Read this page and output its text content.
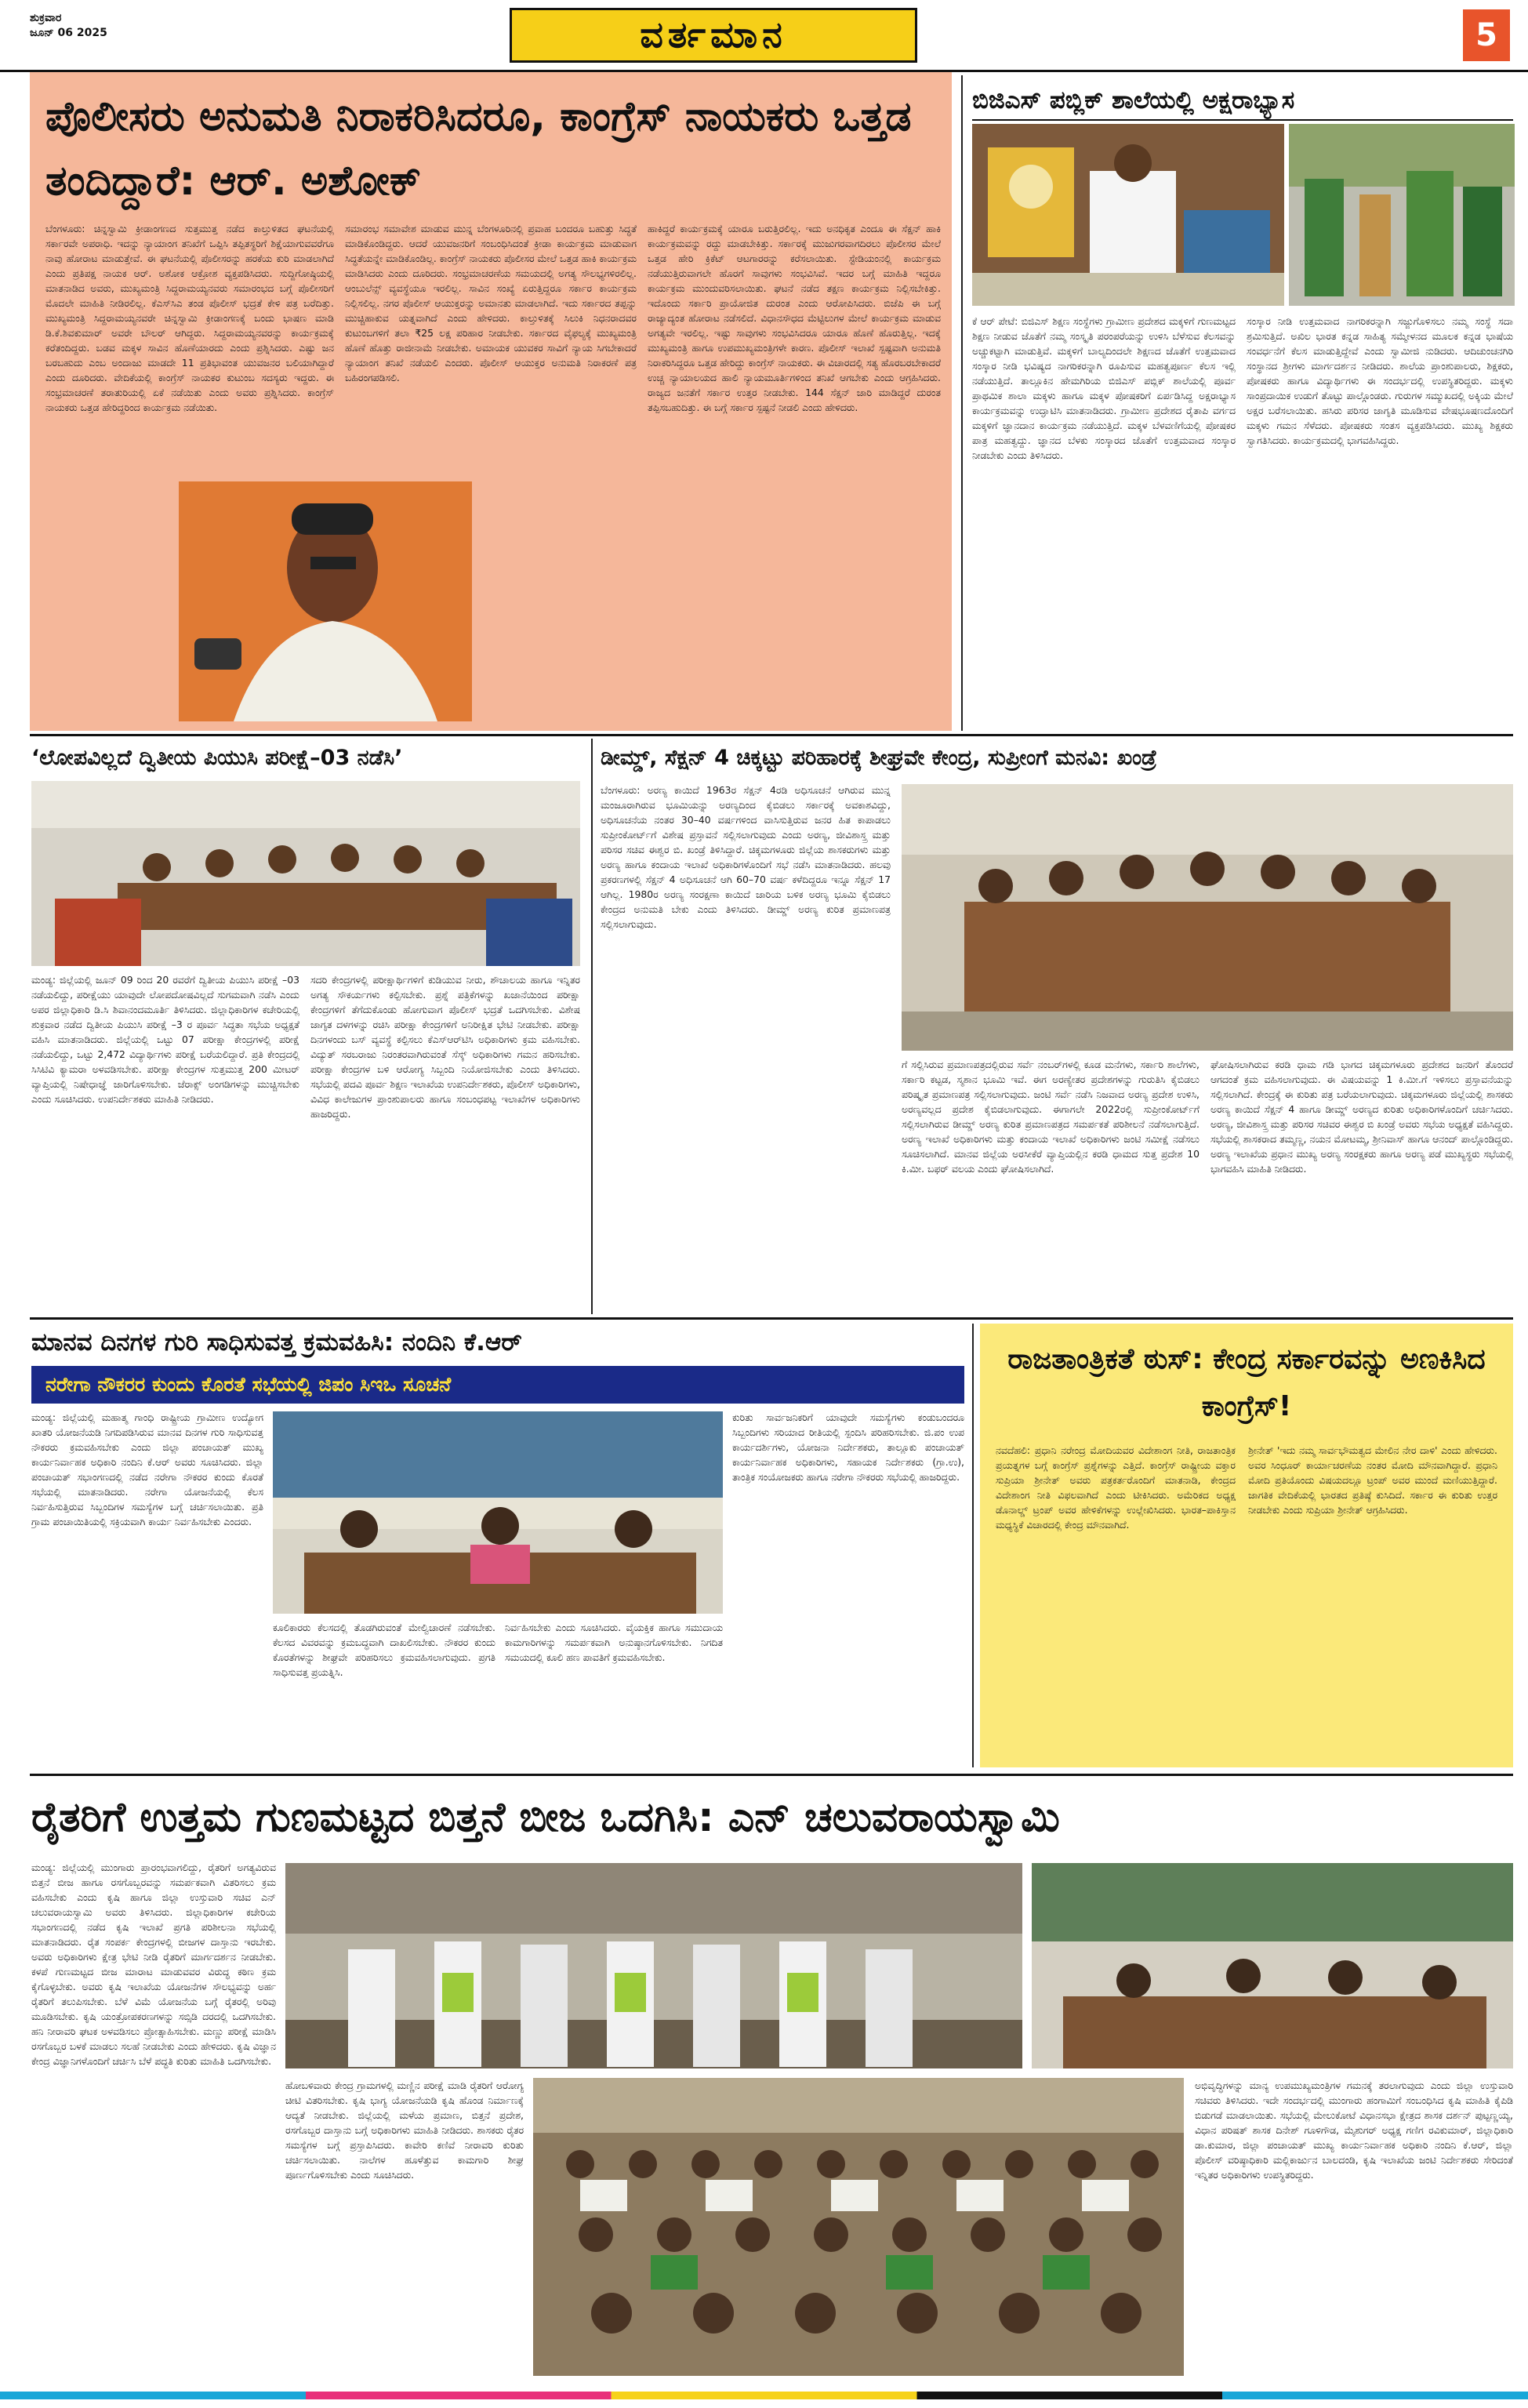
ಶುಕ್ರವಾರ
ಜೂನ್ 06 2025	ವರ್ತಮಾನ	5
ಪೊಲೀಸರು ಅನುಮತಿ ನಿರಾಕರಿಸಿದರೂ, ಕಾಂಗ್ರೆಸ್ ನಾಯಕರು ಒತ್ತಡ ತಂದಿದ್ದಾರೆ: ಆರ್. ಅಶೋಕ್
ಬೆಂಗಳೂರು: ಚಿನ್ನಸ್ವಾಮಿ ಕ್ರೀಡಾಂಗಣದ ಸುತ್ತಮುತ್ತ ನಡೆದ ಕಾಲ್ತುಳಿತದ ಘಟನೆಯಲ್ಲಿ ಸರ್ಕಾರವೇ ಅಪರಾಧಿ. ಇದನ್ನು ನ್ಯಾಯಾಂಗ ತನಿಖೆಗೆ ಒಪ್ಪಿಸಿ ತಪ್ಪಿತಸ್ಥರಿಗೆ ಶಿಕ್ಷೆಯಾಗುವವರೆಗೂ ನಾವು ಹೋರಾಟ ಮಾಡುತ್ತೇವೆ. ಈ ಘಟನೆಯಲ್ಲಿ ಪೊಲೀಸರನ್ನು ಹರಕೆಯ ಕುರಿ ಮಾಡಲಾಗಿದೆ ಎಂದು ಪ್ರತಿಪಕ್ಷ ನಾಯಕ ಆರ್. ಅಶೋಕ ಆಕ್ರೋಶ ವ್ಯಕ್ತಪಡಿಸಿದರು. ಸುದ್ದಿಗೋಷ್ಠಿಯಲ್ಲಿ ಮಾತನಾಡಿದ ಅವರು, ಮುಖ್ಯಮಂತ್ರಿ ಸಿದ್ದರಾಮಯ್ಯನವರು ಸಮಾರಂಭದ ಬಗ್ಗೆ ಪೊಲೀಸರಿಗೆ ಮೊದಲೇ ಮಾಹಿತಿ ನೀಡಿರಲಿಲ್ಲ. ಕೆಎಸ್‌ಸಿಎ ತಂಡ ಪೊಲೀಸ್ ಭದ್ರತೆ ಕೇಳಿ ಪತ್ರ ಬರೆದಿತ್ತು. ಮುಖ್ಯಮಂತ್ರಿ ಸಿದ್ದರಾಮಯ್ಯನವರೇ ಚಿನ್ನಸ್ವಾಮಿ ಕ್ರೀಡಾಂಗಣಕ್ಕೆ ಬಂದು ಭಾಷಣ ಮಾಡಿ ಡಿ.ಕೆ.ಶಿವಕುಮಾರ್ ಅವರೇ ಬೌಲರ್ ಆಗಿದ್ದರು. ಸಿದ್ದರಾಮಯ್ಯನವರನ್ನು ಕಾರ್ಯಕ್ರಮಕ್ಕೆ ಕರೆತಂದಿದ್ದರು. ಬಡವ ಮಕ್ಕಳ ಸಾವಿನ ಹೊಣೆಯಾರದು ಎಂದು ಪ್ರಶ್ನಿಸಿದರು. ಎಷ್ಟು ಜನ ಬರಬಹುದು ಎಂಬ ಅಂದಾಜು ಮಾಡದೇ 11 ಪ್ರತಿಭಾವಂತ ಯುವಜನರ ಬಲಿಯಾಗಿದ್ದಾರೆ ಎಂದು ದೂರಿದರು. ವೇದಿಕೆಯಲ್ಲಿ ಕಾಂಗ್ರೆಸ್ ನಾಯಕರ ಕುಟುಂಬ ಸದಸ್ಯರು ಇದ್ದರು. ಈ ಸಂಭ್ರಮಾಚರಣೆ ತರಾತುರಿಯಲ್ಲಿ ಏಕೆ ನಡೆಯಿತು ಎಂದು ಅವರು ಪ್ರಶ್ನಿಸಿದರು. ಕಾಂಗ್ರೆಸ್ ನಾಯಕರು ಒತ್ತಡ ಹೇರಿದ್ದರಿಂದ ಕಾರ್ಯಕ್ರಮ ನಡೆಯಿತು.
ಸಮಾರಂಭ ಸಮಾವೇಶ ಮಾಡುವ ಮುನ್ನ ಬೆಂಗಳೂರಿನಲ್ಲಿ ಪ್ರವಾಹ ಬಂದರೂ ಬಹುತ್ತು ಸಿದ್ಧತೆ ಮಾಡಿಕೊಂಡಿದ್ದರು. ಆದರೆ ಯುವಜನರಿಗೆ ಸಂಬಂಧಿಸಿದಂತೆ ಕ್ರೀಡಾ ಕಾರ್ಯಕ್ರಮ ಮಾಡುವಾಗ ಸಿದ್ಧತೆಯನ್ನೇ ಮಾಡಿಕೊಂಡಿಲ್ಲ. ಕಾಂಗ್ರೆಸ್ ನಾಯಕರು ಪೊಲೀಸರ ಮೇಲೆ ಒತ್ತಡ ಹಾಕಿ ಕಾರ್ಯಕ್ರಮ ಮಾಡಿಸಿದರು ಎಂದು ದೂರಿದರು. ಸಂಭ್ರಮಾಚರಣೆಯ ಸಮಯದಲ್ಲಿ ಅಗತ್ಯ ಸೌಲಭ್ಯಗಳಿರಲಿಲ್ಲ. ಆಂಬುಲೆನ್ಸ್ ವ್ಯವಸ್ಥೆಯೂ ಇರಲಿಲ್ಲ. ಸಾವಿನ ಸಂಖ್ಯೆ ಏರುತ್ತಿದ್ದರೂ ಸರ್ಕಾರ ಕಾರ್ಯಕ್ರಮ ನಿಲ್ಲಿಸಲಿಲ್ಲ. ನಗರ ಪೊಲೀಸ್ ಆಯುಕ್ತರನ್ನು ಅಮಾನತು ಮಾಡಲಾಗಿದೆ. ಇದು ಸರ್ಕಾರದ ತಪ್ಪನ್ನು ಮುಚ್ಚಿಹಾಕುವ ಯತ್ನವಾಗಿದೆ ಎಂದು ಹೇಳಿದರು. ಕಾಲ್ತುಳಿತಕ್ಕೆ ಸಿಲುಕಿ ನಿಧನರಾದವರ ಕುಟುಂಬಗಳಿಗೆ ತಲಾ ₹25 ಲಕ್ಷ ಪರಿಹಾರ ನೀಡಬೇಕು. ಸರ್ಕಾರದ ವೈಫಲ್ಯಕ್ಕೆ ಮುಖ್ಯಮಂತ್ರಿ ಹೊಣೆ ಹೊತ್ತು ರಾಜೀನಾಮೆ ನೀಡಬೇಕು. ಅಮಾಯಕ ಯುವಕರ ಸಾವಿಗೆ ನ್ಯಾಯ ಸಿಗಬೇಕಾದರೆ ನ್ಯಾಯಾಂಗ ತನಿಖೆ ನಡೆಯಲಿ ಎಂದರು. ಪೊಲೀಸ್ ಆಯುಕ್ತರ ಅನುಮತಿ ನಿರಾಕರಣೆ ಪತ್ರ ಬಹಿರಂಗಪಡಿಸಲಿ.
ಹಾಕಿದ್ದರೆ ಕಾರ್ಯಕ್ರಮಕ್ಕೆ ಯಾರೂ ಬರುತ್ತಿರಲಿಲ್ಲ. ಇದು ಅನಧಿಕೃತ ಎಂದೂ ಈ ಸೆಕ್ಷನ್ ಹಾಕಿ ಕಾರ್ಯಕ್ರಮವನ್ನು ರದ್ದು ಮಾಡಬೇಕಿತ್ತು. ಸರ್ಕಾರಕ್ಕೆ ಮುಜುಗರವಾಗದಿರಲು ಪೊಲೀಸರ ಮೇಲೆ ಒತ್ತಡ ಹೇರಿ ಕ್ರಿಕೆಟ್ ಆಟಗಾರರನ್ನು ಕರೆಸಲಾಯಿತು. ಸ್ಟೇಡಿಯಂನಲ್ಲಿ ಕಾರ್ಯಕ್ರಮ ನಡೆಯುತ್ತಿರುವಾಗಲೇ ಹೊರಗೆ ಸಾವುಗಳು ಸಂಭವಿಸಿವೆ. ಇದರ ಬಗ್ಗೆ ಮಾಹಿತಿ ಇದ್ದರೂ ಕಾರ್ಯಕ್ರಮ ಮುಂದುವರಿಸಲಾಯಿತು. ಘಟನೆ ನಡೆದ ತಕ್ಷಣ ಕಾರ್ಯಕ್ರಮ ನಿಲ್ಲಿಸಬೇಕಿತ್ತು. ಇದೊಂದು ಸರ್ಕಾರಿ ಪ್ರಾಯೋಜಿತ ದುರಂತ ಎಂದು ಆರೋಪಿಸಿದರು. ಬಿಜೆಪಿ ಈ ಬಗ್ಗೆ ರಾಜ್ಯಾದ್ಯಂತ ಹೋರಾಟ ನಡೆಸಲಿದೆ. ವಿಧಾನಸೌಧದ ಮೆಟ್ಟಿಲುಗಳ ಮೇಲೆ ಕಾರ್ಯಕ್ರಮ ಮಾಡುವ ಅಗತ್ಯವೇ ಇರಲಿಲ್ಲ. ಇಷ್ಟು ಸಾವುಗಳು ಸಂಭವಿಸಿದರೂ ಯಾರೂ ಹೊಣೆ ಹೊರುತ್ತಿಲ್ಲ. ಇದಕ್ಕೆ ಮುಖ್ಯಮಂತ್ರಿ ಹಾಗೂ ಉಪಮುಖ್ಯಮಂತ್ರಿಗಳೇ ಕಾರಣ. ಪೊಲೀಸ್ ಇಲಾಖೆ ಸ್ಪಷ್ಟವಾಗಿ ಅನುಮತಿ ನಿರಾಕರಿಸಿದ್ದರೂ ಒತ್ತಡ ಹೇರಿದ್ದು ಕಾಂಗ್ರೆಸ್ ನಾಯಕರು. ಈ ವಿಚಾರದಲ್ಲಿ ಸತ್ಯ ಹೊರಬರಬೇಕಾದರೆ ಉಚ್ಚ ನ್ಯಾಯಾಲಯದ ಹಾಲಿ ನ್ಯಾಯಮೂರ್ತಿಗಳಿಂದ ತನಿಖೆ ಆಗಬೇಕು ಎಂದು ಆಗ್ರಹಿಸಿದರು. ರಾಜ್ಯದ ಜನತೆಗೆ ಸರ್ಕಾರ ಉತ್ತರ ನೀಡಬೇಕು. 144 ಸೆಕ್ಷನ್ ಜಾರಿ ಮಾಡಿದ್ದರೆ ದುರಂತ ತಪ್ಪಿಸಬಹುದಿತ್ತು. ಈ ಬಗ್ಗೆ ಸರ್ಕಾರ ಸ್ಪಷ್ಟನೆ ನೀಡಲಿ ಎಂದು ಹೇಳಿದರು.
ಬಿಜಿಎಸ್ ಪಬ್ಲಿಕ್ ಶಾಲೆಯಲ್ಲಿ ಅಕ್ಷರಾಭ್ಯಾಸ
ಕೆ ಆರ್ ಪೇಟೆ: ಬಿಜಿಎಸ್ ಶಿಕ್ಷಣ ಸಂಸ್ಥೆಗಳು ಗ್ರಾಮೀಣ ಪ್ರದೇಶದ ಮಕ್ಕಳಿಗೆ ಗುಣಮಟ್ಟದ ಶಿಕ್ಷಣ ನೀಡುವ ಜೊತೆಗೆ ನಮ್ಮ ಸಂಸ್ಕೃತಿ ಪರಂಪರೆಯನ್ನು ಉಳಿಸಿ ಬೆಳೆಸುವ ಕೆಲಸವನ್ನು ಅಚ್ಚುಕಟ್ಟಾಗಿ ಮಾಡುತ್ತಿವೆ. ಮಕ್ಕಳಿಗೆ ಬಾಲ್ಯದಿಂದಲೇ ಶಿಕ್ಷಣದ ಜೊತೆಗೆ ಉತ್ತಮವಾದ ಸಂಸ್ಕಾರ ನೀಡಿ ಭವಿಷ್ಯದ ನಾಗರಿಕರನ್ನಾಗಿ ರೂಪಿಸುವ ಮಹತ್ವಪೂರ್ಣ ಕೆಲಸ ಇಲ್ಲಿ ನಡೆಯುತ್ತಿದೆ. ತಾಲ್ಲೂಕಿನ ಹೇಮಗಿರಿಯ ಬಿಜಿಎಸ್ ಪಬ್ಲಿಕ್ ಶಾಲೆಯಲ್ಲಿ ಪೂರ್ವ ಪ್ರಾಥಮಿಕ ಶಾಲಾ ಮಕ್ಕಳು ಹಾಗೂ ಮಕ್ಕಳ ಪೋಷಕರಿಗೆ ಏರ್ಪಡಿಸಿದ್ದ ಅಕ್ಷರಾಭ್ಯಾಸ ಕಾರ್ಯಕ್ರಮವನ್ನು ಉದ್ಘಾಟಿಸಿ ಮಾತನಾಡಿದರು. ಗ್ರಾಮೀಣ ಪ್ರದೇಶದ ರೈತಾಪಿ ವರ್ಗದ ಮಕ್ಕಳಿಗೆ ಜ್ಞಾನದಾನ ಕಾರ್ಯಕ್ರಮ ನಡೆಯುತ್ತಿದೆ. ಮಕ್ಕಳ ಬೆಳವಣಿಗೆಯಲ್ಲಿ ಪೋಷಕರ ಪಾತ್ರ ಮಹತ್ವದ್ದು. ಜ್ಞಾನದ ಬೆಳಕು ಸಂಸ್ಕಾರದ ಜೊತೆಗೆ ಉತ್ತಮವಾದ ಸಂಸ್ಕಾರ ನೀಡಬೇಕು ಎಂದು ತಿಳಿಸಿದರು.
ಸಂಸ್ಕಾರ ನೀಡಿ ಉತ್ತಮವಾದ ನಾಗರಿಕರನ್ನಾಗಿ ಸಜ್ಜುಗೊಳಿಸಲು ನಮ್ಮ ಸಂಸ್ಥೆ ಸದಾ ಶ್ರಮಿಸುತ್ತಿದೆ. ಅಖಿಲ ಭಾರತ ಕನ್ನಡ ಸಾಹಿತ್ಯ ಸಮ್ಮೇಳನದ ಮೂಲಕ ಕನ್ನಡ ಭಾಷೆಯ ಸಂವರ್ಧನೆಗೆ ಕೆಲಸ ಮಾಡುತ್ತಿದ್ದೇವೆ ಎಂದು ಸ್ವಾಮೀಜಿ ನುಡಿದರು. ಆದಿಚುಂಚನಗಿರಿ ಸಂಸ್ಥಾನದ ಶ್ರೀಗಳು ಮಾರ್ಗದರ್ಶನ ನೀಡಿದರು. ಶಾಲೆಯ ಪ್ರಾಂಶುಪಾಲರು, ಶಿಕ್ಷಕರು, ಪೋಷಕರು ಹಾಗೂ ವಿದ್ಯಾರ್ಥಿಗಳು ಈ ಸಂದರ್ಭದಲ್ಲಿ ಉಪಸ್ಥಿತರಿದ್ದರು. ಮಕ್ಕಳು ಸಾಂಪ್ರದಾಯಿಕ ಉಡುಗೆ ತೊಟ್ಟು ಪಾಲ್ಗೊಂಡರು. ಗುರುಗಳ ಸಮ್ಮುಖದಲ್ಲಿ ಅಕ್ಕಿಯ ಮೇಲೆ ಅಕ್ಷರ ಬರೆಸಲಾಯಿತು. ಹಸಿರು ಪರಿಸರ ಜಾಗೃತಿ ಮೂಡಿಸುವ ವೇಷಭೂಷಣದೊಂದಿಗೆ ಮಕ್ಕಳು ಗಮನ ಸೆಳೆದರು. ಪೋಷಕರು ಸಂತಸ ವ್ಯಕ್ತಪಡಿಸಿದರು. ಮುಖ್ಯ ಶಿಕ್ಷಕರು ಸ್ವಾಗತಿಸಿದರು. ಕಾರ್ಯಕ್ರಮದಲ್ಲಿ ಭಾಗವಹಿಸಿದ್ದರು.
‘ಲೋಪವಿಲ್ಲದೆ ದ್ವಿತೀಯ ಪಿಯುಸಿ ಪರೀಕ್ಷೆ–03 ನಡೆಸಿ’
ಮಂಡ್ಯ: ಜಿಲ್ಲೆಯಲ್ಲಿ ಜೂನ್ 09 ರಿಂದ 20 ರವರೆಗೆ ದ್ವಿತೀಯ ಪಿಯುಸಿ ಪರೀಕ್ಷೆ –03 ನಡೆಯಲಿದ್ದು, ಪರೀಕ್ಷೆಯು ಯಾವುದೇ ಲೋಪದೋಷವಿಲ್ಲದೆ ಸುಗಮವಾಗಿ ನಡೆಸಿ ಎಂದು ಅಪರ ಜಿಲ್ಲಾಧಿಕಾರಿ ಡಿ.ಸಿ ಶಿವಾನಂದಮೂರ್ತಿ ತಿಳಿಸಿದರು. ಜಿಲ್ಲಾಧಿಕಾರಿಗಳ ಕಚೇರಿಯಲ್ಲಿ ಶುಕ್ರವಾರ ನಡೆದ ದ್ವಿತೀಯ ಪಿಯುಸಿ ಪರೀಕ್ಷೆ –3 ರ ಪೂರ್ವ ಸಿದ್ಧತಾ ಸಭೆಯ ಅಧ್ಯಕ್ಷತೆ ವಹಿಸಿ ಮಾತನಾಡಿದರು. ಜಿಲ್ಲೆಯಲ್ಲಿ ಒಟ್ಟು 07 ಪರೀಕ್ಷಾ ಕೇಂದ್ರಗಳಲ್ಲಿ ಪರೀಕ್ಷೆ ನಡೆಯಲಿದ್ದು, ಒಟ್ಟು 2,472 ವಿದ್ಯಾರ್ಥಿಗಳು ಪರೀಕ್ಷೆ ಬರೆಯಲಿದ್ದಾರೆ. ಪ್ರತಿ ಕೇಂದ್ರದಲ್ಲಿ ಸಿಸಿಟಿವಿ ಕ್ಯಾಮರಾ ಅಳವಡಿಸಬೇಕು. ಪರೀಕ್ಷಾ ಕೇಂದ್ರಗಳ ಸುತ್ತಮುತ್ತ 200 ಮೀಟರ್ ವ್ಯಾಪ್ತಿಯಲ್ಲಿ ನಿಷೇಧಾಜ್ಞೆ ಜಾರಿಗೊಳಿಸಬೇಕು. ಜೆರಾಕ್ಸ್ ಅಂಗಡಿಗಳನ್ನು ಮುಚ್ಚಿಸಬೇಕು ಎಂದು ಸೂಚಿಸಿದರು. ಉಪನಿರ್ದೇಶಕರು ಮಾಹಿತಿ ನೀಡಿದರು.
ಸದರಿ ಕೇಂದ್ರಗಳಲ್ಲಿ ಪರೀಕ್ಷಾರ್ಥಿಗಳಿಗೆ ಕುಡಿಯುವ ನೀರು, ಶೌಚಾಲಯ ಹಾಗೂ ಇನ್ನಿತರ ಅಗತ್ಯ ಸೌಕರ್ಯಗಳು ಕಲ್ಪಿಸಬೇಕು. ಪ್ರಶ್ನೆ ಪತ್ರಿಕೆಗಳನ್ನು ಖಜಾನೆಯಿಂದ ಪರೀಕ್ಷಾ ಕೇಂದ್ರಗಳಿಗೆ ತೆಗೆದುಕೊಂಡು ಹೋಗುವಾಗ ಪೊಲೀಸ್ ಭದ್ರತೆ ಒದಗಿಸಬೇಕು. ವಿಶೇಷ ಜಾಗೃತ ದಳಗಳನ್ನು ರಚಿಸಿ ಪರೀಕ್ಷಾ ಕೇಂದ್ರಗಳಿಗೆ ಅನಿರೀಕ್ಷಿತ ಭೇಟಿ ನೀಡಬೇಕು. ಪರೀಕ್ಷಾ ದಿನಗಳಂದು ಬಸ್ ವ್ಯವಸ್ಥೆ ಕಲ್ಪಿಸಲು ಕೆಎಸ್ಆರ್‌ಟಿಸಿ ಅಧಿಕಾರಿಗಳು ಕ್ರಮ ವಹಿಸಬೇಕು. ವಿದ್ಯುತ್ ಸರಬರಾಜು ನಿರಂತರವಾಗಿರುವಂತೆ ಸೆಸ್ಕ್ ಅಧಿಕಾರಿಗಳು ಗಮನ ಹರಿಸಬೇಕು. ಪರೀಕ್ಷಾ ಕೇಂದ್ರಗಳ ಬಳಿ ಆರೋಗ್ಯ ಸಿಬ್ಬಂದಿ ನಿಯೋಜಿಸಬೇಕು ಎಂದು ತಿಳಿಸಿದರು. ಸಭೆಯಲ್ಲಿ ಪದವಿ ಪೂರ್ವ ಶಿಕ್ಷಣ ಇಲಾಖೆಯ ಉಪನಿರ್ದೇಶಕರು, ಪೊಲೀಸ್ ಅಧಿಕಾರಿಗಳು, ವಿವಿಧ ಕಾಲೇಜುಗಳ ಪ್ರಾಂಶುಪಾಲರು ಹಾಗೂ ಸಂಬಂಧಪಟ್ಟ ಇಲಾಖೆಗಳ ಅಧಿಕಾರಿಗಳು ಹಾಜರಿದ್ದರು.
ಡೀಮ್ಡ್, ಸೆಕ್ಷನ್ 4 ಚಿಕ್ಕಟ್ಟು ಪರಿಹಾರಕ್ಕೆ ಶೀಘ್ರವೇ ಕೇಂದ್ರ, ಸುಪ್ರೀಂಗೆ ಮನವಿ: ಖಂಡ್ರೆ
ಬೆಂಗಳೂರು: ಅರಣ್ಯ ಕಾಯಿದೆ 1963ರ ಸೆಕ್ಷನ್ 4ರಡಿ ಅಧಿಸೂಚನೆ ಆಗಿರುವ ಮುನ್ನ ಮಂಜೂರಾಗಿರುವ ಭೂಮಿಯನ್ನು ಅರಣ್ಯದಿಂದ ಕೈಬಿಡಲು ಸರ್ಕಾರಕ್ಕೆ ಅವಕಾಶವಿದ್ದು, ಅಧಿಸೂಚನೆಯ ನಂತರ 30–40 ವರ್ಷಗಳಿಂದ ವಾಸಿಸುತ್ತಿರುವ ಜನರ ಹಿತ ಕಾಪಾಡಲು ಸುಪ್ರೀಂಕೋರ್ಟ್‌ಗೆ ವಿಶೇಷ ಪ್ರಸ್ತಾವನೆ ಸಲ್ಲಿಸಲಾಗುವುದು ಎಂದು ಅರಣ್ಯ, ಜೀವಿಶಾಸ್ತ್ರ ಮತ್ತು ಪರಿಸರ ಸಚಿವ ಈಶ್ವರ ಬಿ. ಖಂಡ್ರೆ ತಿಳಿಸಿದ್ದಾರೆ. ಚಿಕ್ಕಮಗಳೂರು ಜಿಲ್ಲೆಯ ಶಾಸಕರುಗಳು ಮತ್ತು ಅರಣ್ಯ ಹಾಗೂ ಕಂದಾಯ ಇಲಾಖೆ ಅಧಿಕಾರಿಗಳೊಂದಿಗೆ ಸಭೆ ನಡೆಸಿ ಮಾತನಾಡಿದರು. ಹಲವು ಪ್ರಕರಣಗಳಲ್ಲಿ ಸೆಕ್ಷನ್ 4 ಅಧಿಸೂಚನೆ ಆಗಿ 60–70 ವರ್ಷ ಕಳೆದಿದ್ದರೂ ಇನ್ನೂ ಸೆಕ್ಷನ್ 17 ಆಗಿಲ್ಲ. 1980ರ ಅರಣ್ಯ ಸಂರಕ್ಷಣಾ ಕಾಯಿದೆ ಜಾರಿಯ ಬಳಿಕ ಅರಣ್ಯ ಭೂಮಿ ಕೈಬಿಡಲು ಕೇಂದ್ರದ ಅನುಮತಿ ಬೇಕು ಎಂದು ತಿಳಿಸಿದರು. ಡೀಮ್ಡ್ ಅರಣ್ಯ ಕುರಿತ ಪ್ರಮಾಣಪತ್ರ ಸಲ್ಲಿಸಲಾಗುವುದು.
ಗೆ ಸಲ್ಲಿಸಿರುವ ಪ್ರಮಾಣಪತ್ರದಲ್ಲಿರುವ ಸರ್ವೆ ನಂಬರ್‌ಗಳಲ್ಲಿ ಕೂಡ ಮನೆಗಳು, ಸರ್ಕಾರಿ ಶಾಲೆಗಳು, ಸರ್ಕಾರಿ ಕಟ್ಟಡ, ಸ್ಮಶಾನ ಭೂಮಿ ಇವೆ. ಈಗ ಅರಣ್ಯೇತರ ಪ್ರದೇಶಗಳನ್ನು ಗುರುತಿಸಿ ಕೈಬಿಡಲು ಪರಿಷ್ಕೃತ ಪ್ರಮಾಣಪತ್ರ ಸಲ್ಲಿಸಲಾಗುವುದು. ಜಂಟಿ ಸರ್ವೆ ನಡೆಸಿ ನಿಜವಾದ ಅರಣ್ಯ ಪ್ರದೇಶ ಉಳಿಸಿ, ಅರಣ್ಯವಲ್ಲದ ಪ್ರದೇಶ ಕೈಬಿಡಲಾಗುವುದು. ಈಗಾಗಲೇ 2022ರಲ್ಲಿ ಸುಪ್ರೀಂಕೋರ್ಟ್‌ಗೆ ಸಲ್ಲಿಸಲಾಗಿರುವ ಡೀಮ್ಡ್ ಅರಣ್ಯ ಕುರಿತ ಪ್ರಮಾಣಪತ್ರದ ಸಮರ್ಪಕತೆ ಪರಿಶೀಲನೆ ನಡೆಸಲಾಗುತ್ತಿದೆ. ಅರಣ್ಯ ಇಲಾಖೆ ಅಧಿಕಾರಿಗಳು ಮತ್ತು ಕಂದಾಯ ಇಲಾಖೆ ಅಧಿಕಾರಿಗಳು ಜಂಟಿ ಸಮೀಕ್ಷೆ ನಡೆಸಲು ಸೂಚಿಸಲಾಗಿದೆ. ಮಾನವ ಜಿಲ್ಲೆಯ ಅರಸೀಕೆರೆ ವ್ಯಾಪ್ತಿಯಲ್ಲಿನ ಕರಡಿ ಧಾಮದ ಸುತ್ತ ಪ್ರದೇಶ 10 ಕಿ.ಮೀ. ಬಫರ್ ವಲಯ ಎಂದು ಘೋಷಿಸಲಾಗಿದೆ.
ಘೋಷಿಸಲಾಗಿರುವ ಕರಡಿ ಧಾಮ ಗಡಿ ಭಾಗದ ಚಿಕ್ಕಮಗಳೂರು ಪ್ರದೇಶದ ಜನರಿಗೆ ತೊಂದರೆ ಆಗದಂತೆ ಕ್ರಮ ವಹಿಸಲಾಗುವುದು. ಈ ವಿಷಯವನ್ನು 1 ಕಿ.ಮೀ.ಗೆ ಇಳಿಸಲು ಪ್ರಸ್ತಾವನೆಯನ್ನು ಸಲ್ಲಿಸಲಾಗಿದೆ. ಕೇಂದ್ರಕ್ಕೆ ಈ ಕುರಿತು ಪತ್ರ ಬರೆಯಲಾಗುವುದು. ಚಿಕ್ಕಮಗಳೂರು ಜಿಲ್ಲೆಯಲ್ಲಿ ಶಾಸಕರು ಅರಣ್ಯ ಕಾಯಿದೆ ಸೆಕ್ಷನ್ 4 ಹಾಗೂ ಡೀಮ್ಡ್ ಅರಣ್ಯದ ಕುರಿತು ಅಧಿಕಾರಿಗಳೊಂದಿಗೆ ಚರ್ಚಿಸಿದರು. ಅರಣ್ಯ, ಜೀವಿಶಾಸ್ತ್ರ ಮತ್ತು ಪರಿಸರ ಸಚಿವರ ಈಶ್ವರ ಬಿ ಖಂಡ್ರೆ ಅವರು ಸಭೆಯ ಅಧ್ಯಕ್ಷತೆ ವಹಿಸಿದ್ದರು. ಸಭೆಯಲ್ಲಿ ಶಾಸಕರಾದ ತಮ್ಮಣ್ಣ, ನಯನ ಮೋಟಮ್ಮ, ಶ್ರೀನಿವಾಸ್ ಹಾಗೂ ಆನಂದ್ ಪಾಲ್ಗೊಂಡಿದ್ದರು. ಅರಣ್ಯ ಇಲಾಖೆಯ ಪ್ರಧಾನ ಮುಖ್ಯ ಅರಣ್ಯ ಸಂರಕ್ಷಕರು ಹಾಗೂ ಅರಣ್ಯ ಪಡೆ ಮುಖ್ಯಸ್ಥರು ಸಭೆಯಲ್ಲಿ ಭಾಗವಹಿಸಿ ಮಾಹಿತಿ ನೀಡಿದರು.
ಮಾನವ ದಿನಗಳ ಗುರಿ ಸಾಧಿಸುವತ್ತ ಕ್ರಮವಹಿಸಿ: ನಂದಿನಿ ಕೆ.ಆರ್
ನರೇಗಾ ನೌಕರರ ಕುಂದು ಕೊರತೆ ಸಭೆಯಲ್ಲಿ ಜಿಪಂ ಸಿಇಒ ಸೂಚನೆ
ಮಂಡ್ಯ: ಜಿಲ್ಲೆಯಲ್ಲಿ ಮಹಾತ್ಮ ಗಾಂಧಿ ರಾಷ್ಟ್ರೀಯ ಗ್ರಾಮೀಣ ಉದ್ಯೋಗ ಖಾತರಿ ಯೋಜನೆಯಡಿ ನಿಗದಿಪಡಿಸಿರುವ ಮಾನವ ದಿನಗಳ ಗುರಿ ಸಾಧಿಸುವತ್ತ ನೌಕರರು ಕ್ರಮವಹಿಸಬೇಕು ಎಂದು ಜಿಲ್ಲಾ ಪಂಚಾಯತ್ ಮುಖ್ಯ ಕಾರ್ಯನಿರ್ವಾಹಕ ಅಧಿಕಾರಿ ನಂದಿನಿ ಕೆ.ಆರ್ ಅವರು ಸೂಚಿಸಿದರು. ಜಿಲ್ಲಾ ಪಂಚಾಯತ್ ಸಭಾಂಗಣದಲ್ಲಿ ನಡೆದ ನರೇಗಾ ನೌಕರರ ಕುಂದು ಕೊರತೆ ಸಭೆಯಲ್ಲಿ ಮಾತನಾಡಿದರು. ನರೇಗಾ ಯೋಜನೆಯಲ್ಲಿ ಕೆಲಸ ನಿರ್ವಹಿಸುತ್ತಿರುವ ಸಿಬ್ಬಂದಿಗಳ ಸಮಸ್ಯೆಗಳ ಬಗ್ಗೆ ಚರ್ಚಿಸಲಾಯಿತು. ಪ್ರತಿ ಗ್ರಾಮ ಪಂಚಾಯಿತಿಯಲ್ಲಿ ಸಕ್ರಿಯವಾಗಿ ಕಾರ್ಯ ನಿರ್ವಹಿಸಬೇಕು ಎಂದರು.
ಕೂಲಿಕಾರರು ಕೆಲಸದಲ್ಲಿ ತೊಡಗಿರುವಂತೆ ಮೇಲ್ವಿಚಾರಣೆ ನಡೆಸಬೇಕು. ಕೆಲಸದ ವಿವರವನ್ನು ಕ್ರಮಬದ್ಧವಾಗಿ ದಾಖಲಿಸಬೇಕು. ನೌಕರರ ಕುಂದು ಕೊರತೆಗಳನ್ನು ಶೀಘ್ರವೇ ಪರಿಹರಿಸಲು ಕ್ರಮವಹಿಸಲಾಗುವುದು. ಪ್ರಗತಿ ಸಾಧಿಸುವತ್ತ ಪ್ರಯತ್ನಿಸಿ.
ನಿರ್ವಹಿಸಬೇಕು ಎಂದು ಸೂಚಿಸಿದರು. ವೈಯಕ್ತಿಕ ಹಾಗೂ ಸಮುದಾಯ ಕಾಮಗಾರಿಗಳನ್ನು ಸಮರ್ಪಕವಾಗಿ ಅನುಷ್ಠಾನಗೊಳಿಸಬೇಕು. ನಿಗದಿತ ಸಮಯದಲ್ಲಿ ಕೂಲಿ ಹಣ ಪಾವತಿಗೆ ಕ್ರಮವಹಿಸಬೇಕು.
ಕುರಿತು ಸಾರ್ವಜನಿಕರಿಗೆ ಯಾವುದೇ ಸಮಸ್ಯೆಗಳು ಕಂಡುಬಂದರೂ ಸಿಬ್ಬಂದಿಗಳು ಸರಿಯಾದ ರೀತಿಯಲ್ಲಿ ಸ್ಪಂದಿಸಿ ಪರಿಹರಿಸಬೇಕು. ಜಿ.ಪಂ ಉಪ ಕಾರ್ಯದರ್ಶಿಗಳು, ಯೋಜನಾ ನಿರ್ದೇಶಕರು, ತಾಲ್ಲೂಕು ಪಂಚಾಯತ್ ಕಾರ್ಯನಿರ್ವಾಹಕ ಅಧಿಕಾರಿಗಳು, ಸಹಾಯಕ ನಿರ್ದೇಶಕರು (ಗ್ರಾ.ಉ), ತಾಂತ್ರಿಕ ಸಂಯೋಜಕರು ಹಾಗೂ ನರೇಗಾ ನೌಕರರು ಸಭೆಯಲ್ಲಿ ಹಾಜರಿದ್ದರು.
ರಾಜತಾಂತ್ರಿಕತೆ ಠುಸ್: ಕೇಂದ್ರ ಸರ್ಕಾರವನ್ನು ಅಣಕಿಸಿದ ಕಾಂಗ್ರೆಸ್!
ನವದೆಹಲಿ: ಪ್ರಧಾನಿ ನರೇಂದ್ರ ಮೋದಿಯವರ ವಿದೇಶಾಂಗ ನೀತಿ, ರಾಜತಾಂತ್ರಿಕ ಪ್ರಯತ್ನಗಳ ಬಗ್ಗೆ ಕಾಂಗ್ರೆಸ್ ಪ್ರಶ್ನೆಗಳನ್ನು ಎತ್ತಿದೆ. ಕಾಂಗ್ರೆಸ್ ರಾಷ್ಟ್ರೀಯ ವಕ್ತಾರ ಸುಪ್ರಿಯಾ ಶ್ರೀನೇತ್ ಅವರು ಪತ್ರಕರ್ತರೊಂದಿಗೆ ಮಾತನಾಡಿ, ಕೇಂದ್ರದ ವಿದೇಶಾಂಗ ನೀತಿ ವಿಫಲವಾಗಿದೆ ಎಂದು ಟೀಕಿಸಿದರು. ಅಮೆರಿಕದ ಅಧ್ಯಕ್ಷ ಡೊನಾಲ್ಡ್ ಟ್ರಂಪ್ ಅವರ ಹೇಳಿಕೆಗಳನ್ನು ಉಲ್ಲೇಖಿಸಿದರು. ಭಾರತ–ಪಾಕಿಸ್ತಾನ ಮಧ್ಯಸ್ಥಿಕೆ ವಿಚಾರದಲ್ಲಿ ಕೇಂದ್ರ ಮೌನವಾಗಿದೆ.
ಶ್ರೀನೇತ್ 'ಇದು ನಮ್ಮ ಸಾರ್ವಭೌಮತ್ವದ ಮೇಲಿನ ನೇರ ದಾಳಿ' ಎಂದು ಹೇಳಿದರು. ಅವರ ಸಿಂಧೂರ್ ಕಾರ್ಯಾಚರಣೆಯ ನಂತರ ಮೋದಿ ಮೌನವಾಗಿದ್ದಾರೆ. ಪ್ರಧಾನಿ ಮೋದಿ ಪ್ರತಿಯೊಂದು ವಿಷಯದಲ್ಲೂ ಟ್ರಂಪ್ ಅವರ ಮುಂದೆ ಮಣಿಯುತ್ತಿದ್ದಾರೆ. ಜಾಗತಿಕ ವೇದಿಕೆಯಲ್ಲಿ ಭಾರತದ ಪ್ರತಿಷ್ಠೆ ಕುಸಿದಿದೆ. ಸರ್ಕಾರ ಈ ಕುರಿತು ಉತ್ತರ ನೀಡಬೇಕು ಎಂದು ಸುಪ್ರಿಯಾ ಶ್ರೀನೇತ್ ಆಗ್ರಹಿಸಿದರು.
ರೈತರಿಗೆ ಉತ್ತಮ ಗುಣಮಟ್ಟದ ಬಿತ್ತನೆ ಬೀಜ ಒದಗಿಸಿ: ಎನ್ ಚಲುವರಾಯಸ್ವಾಮಿ
ಮಂಡ್ಯ: ಜಿಲ್ಲೆಯಲ್ಲಿ ಮುಂಗಾರು ಪ್ರಾರಂಭವಾಗಲಿದ್ದು, ರೈತರಿಗೆ ಅಗತ್ಯವಿರುವ ಬಿತ್ತನೆ ಬೀಜ ಹಾಗೂ ರಸಗೊಬ್ಬರವನ್ನು ಸಮರ್ಪಕವಾಗಿ ವಿತರಿಸಲು ಕ್ರಮ ವಹಿಸಬೇಕು ಎಂದು ಕೃಷಿ ಹಾಗೂ ಜಿಲ್ಲಾ ಉಸ್ತುವಾರಿ ಸಚಿವ ಎನ್ ಚಲುವರಾಯಸ್ವಾಮಿ ಅವರು ತಿಳಿಸಿದರು. ಜಿಲ್ಲಾಧಿಕಾರಿಗಳ ಕಚೇರಿಯ ಸಭಾಂಗಣದಲ್ಲಿ ನಡೆದ ಕೃಷಿ ಇಲಾಖೆ ಪ್ರಗತಿ ಪರಿಶೀಲನಾ ಸಭೆಯಲ್ಲಿ ಮಾತನಾಡಿದರು. ರೈತ ಸಂಪರ್ಕ ಕೇಂದ್ರಗಳಲ್ಲಿ ಬೀಜಗಳ ದಾಸ್ತಾನು ಇರಬೇಕು. ಅವರು ಅಧಿಕಾರಿಗಳು ಕ್ಷೇತ್ರ ಭೇಟಿ ನೀಡಿ ರೈತರಿಗೆ ಮಾರ್ಗದರ್ಶನ ನೀಡಬೇಕು. ಕಳಪೆ ಗುಣಮಟ್ಟದ ಬೀಜ ಮಾರಾಟ ಮಾಡುವವರ ವಿರುದ್ಧ ಕಠಿಣ ಕ್ರಮ ಕೈಗೊಳ್ಳಬೇಕು. ಅವರು ಕೃಷಿ ಇಲಾಖೆಯ ಯೋಜನೆಗಳ ಸೌಲಭ್ಯವನ್ನು ಅರ್ಹ ರೈತರಿಗೆ ತಲುಪಿಸಬೇಕು. ಬೆಳೆ ವಿಮೆ ಯೋಜನೆಯ ಬಗ್ಗೆ ರೈತರಲ್ಲಿ ಅರಿವು ಮೂಡಿಸಬೇಕು. ಕೃಷಿ ಯಂತ್ರೋಪಕರಣಗಳನ್ನು ಸಬ್ಸಿಡಿ ದರದಲ್ಲಿ ಒದಗಿಸಬೇಕು. ಹನಿ ನೀರಾವರಿ ಘಟಕ ಅಳವಡಿಸಲು ಪ್ರೋತ್ಸಾಹಿಸಬೇಕು. ಮಣ್ಣು ಪರೀಕ್ಷೆ ಮಾಡಿಸಿ ರಸಗೊಬ್ಬರ ಬಳಕೆ ಮಾಡಲು ಸಲಹೆ ನೀಡಬೇಕು ಎಂದು ಹೇಳಿದರು. ಕೃಷಿ ವಿಜ್ಞಾನ ಕೇಂದ್ರ ವಿಜ್ಞಾನಿಗಳೊಂದಿಗೆ ಚರ್ಚಿಸಿ ಬೆಳೆ ಪದ್ಧತಿ ಕುರಿತು ಮಾಹಿತಿ ಒದಗಿಸಬೇಕು.
ಹೋಬಳಿವಾರು ಕೇಂದ್ರ ಗ್ರಾಮಗಳಲ್ಲಿ ಮಣ್ಣಿನ ಪರೀಕ್ಷೆ ಮಾಡಿ ರೈತರಿಗೆ ಆರೋಗ್ಯ ಚೀಟಿ ವಿತರಿಸಬೇಕು. ಕೃಷಿ ಭಾಗ್ಯ ಯೋಜನೆಯಡಿ ಕೃಷಿ ಹೊಂಡ ನಿರ್ಮಾಣಕ್ಕೆ ಆದ್ಯತೆ ನೀಡಬೇಕು. ಜಿಲ್ಲೆಯಲ್ಲಿ ಮಳೆಯ ಪ್ರಮಾಣ, ಬಿತ್ತನೆ ಪ್ರದೇಶ, ರಸಗೊಬ್ಬರ ದಾಸ್ತಾನು ಬಗ್ಗೆ ಅಧಿಕಾರಿಗಳು ಮಾಹಿತಿ ನೀಡಿದರು. ಶಾಸಕರು ರೈತರ ಸಮಸ್ಯೆಗಳ ಬಗ್ಗೆ ಪ್ರಸ್ತಾಪಿಸಿದರು. ಕಾವೇರಿ ಕಣಿವೆ ನೀರಾವರಿ ಕುರಿತು ಚರ್ಚಿಸಲಾಯಿತು. ನಾಲೆಗಳ ಹೂಳೆತ್ತುವ ಕಾಮಗಾರಿ ಶೀಘ್ರ ಪೂರ್ಣಗೊಳಿಸಬೇಕು ಎಂದು ಸೂಚಿಸಿದರು.
ಅಭಿವೃದ್ಧಿಗಳನ್ನು ಮಾನ್ಯ ಉಪಮುಖ್ಯಮಂತ್ರಿಗಳ ಗಮನಕ್ಕೆ ತರಲಾಗುವುದು ಎಂದು ಜಿಲ್ಲಾ ಉಸ್ತುವಾರಿ ಸಚಿವರು ತಿಳಿಸಿದರು. ಇದೇ ಸಂದರ್ಭದಲ್ಲಿ ಮುಂಗಾರು ಹಂಗಾಮಿಗೆ ಸಂಬಂಧಿಸಿದ ಕೃಷಿ ಮಾಹಿತಿ ಕೈಪಿಡಿ ಬಿಡುಗಡೆ ಮಾಡಲಾಯಿತು. ಸಭೆಯಲ್ಲಿ ಮೇಲುಕೋಟೆ ವಿಧಾನಸಭಾ ಕ್ಷೇತ್ರದ ಶಾಸಕ ದರ್ಶನ್ ಪುಟ್ಟಣ್ಣಯ್ಯ, ವಿಧಾನ ಪರಿಷತ್ ಶಾಸಕ ದಿನೇಶ್ ಗೂಳಿಗೌಡ, ಮೈಶುಗರ್ ಅಧ್ಯಕ್ಷ ಗಣಿಗ ರವಿಕುಮಾರ್, ಜಿಲ್ಲಾಧಿಕಾರಿ ಡಾ.ಕುಮಾರ, ಜಿಲ್ಲಾ ಪಂಚಾಯತ್ ಮುಖ್ಯ ಕಾರ್ಯನಿರ್ವಾಹಕ ಅಧಿಕಾರಿ ನಂದಿನಿ ಕೆ.ಆರ್, ಜಿಲ್ಲಾ ಪೊಲೀಸ್ ವರಿಷ್ಠಾಧಿಕಾರಿ ಮಲ್ಲಿಕಾರ್ಜುನ ಬಾಲದಂಡಿ, ಕೃಷಿ ಇಲಾಖೆಯ ಜಂಟಿ ನಿರ್ದೇಶಕರು ಸೇರಿದಂತೆ ಇನ್ನಿತರ ಅಧಿಕಾರಿಗಳು ಉಪಸ್ಥಿತರಿದ್ದರು.
